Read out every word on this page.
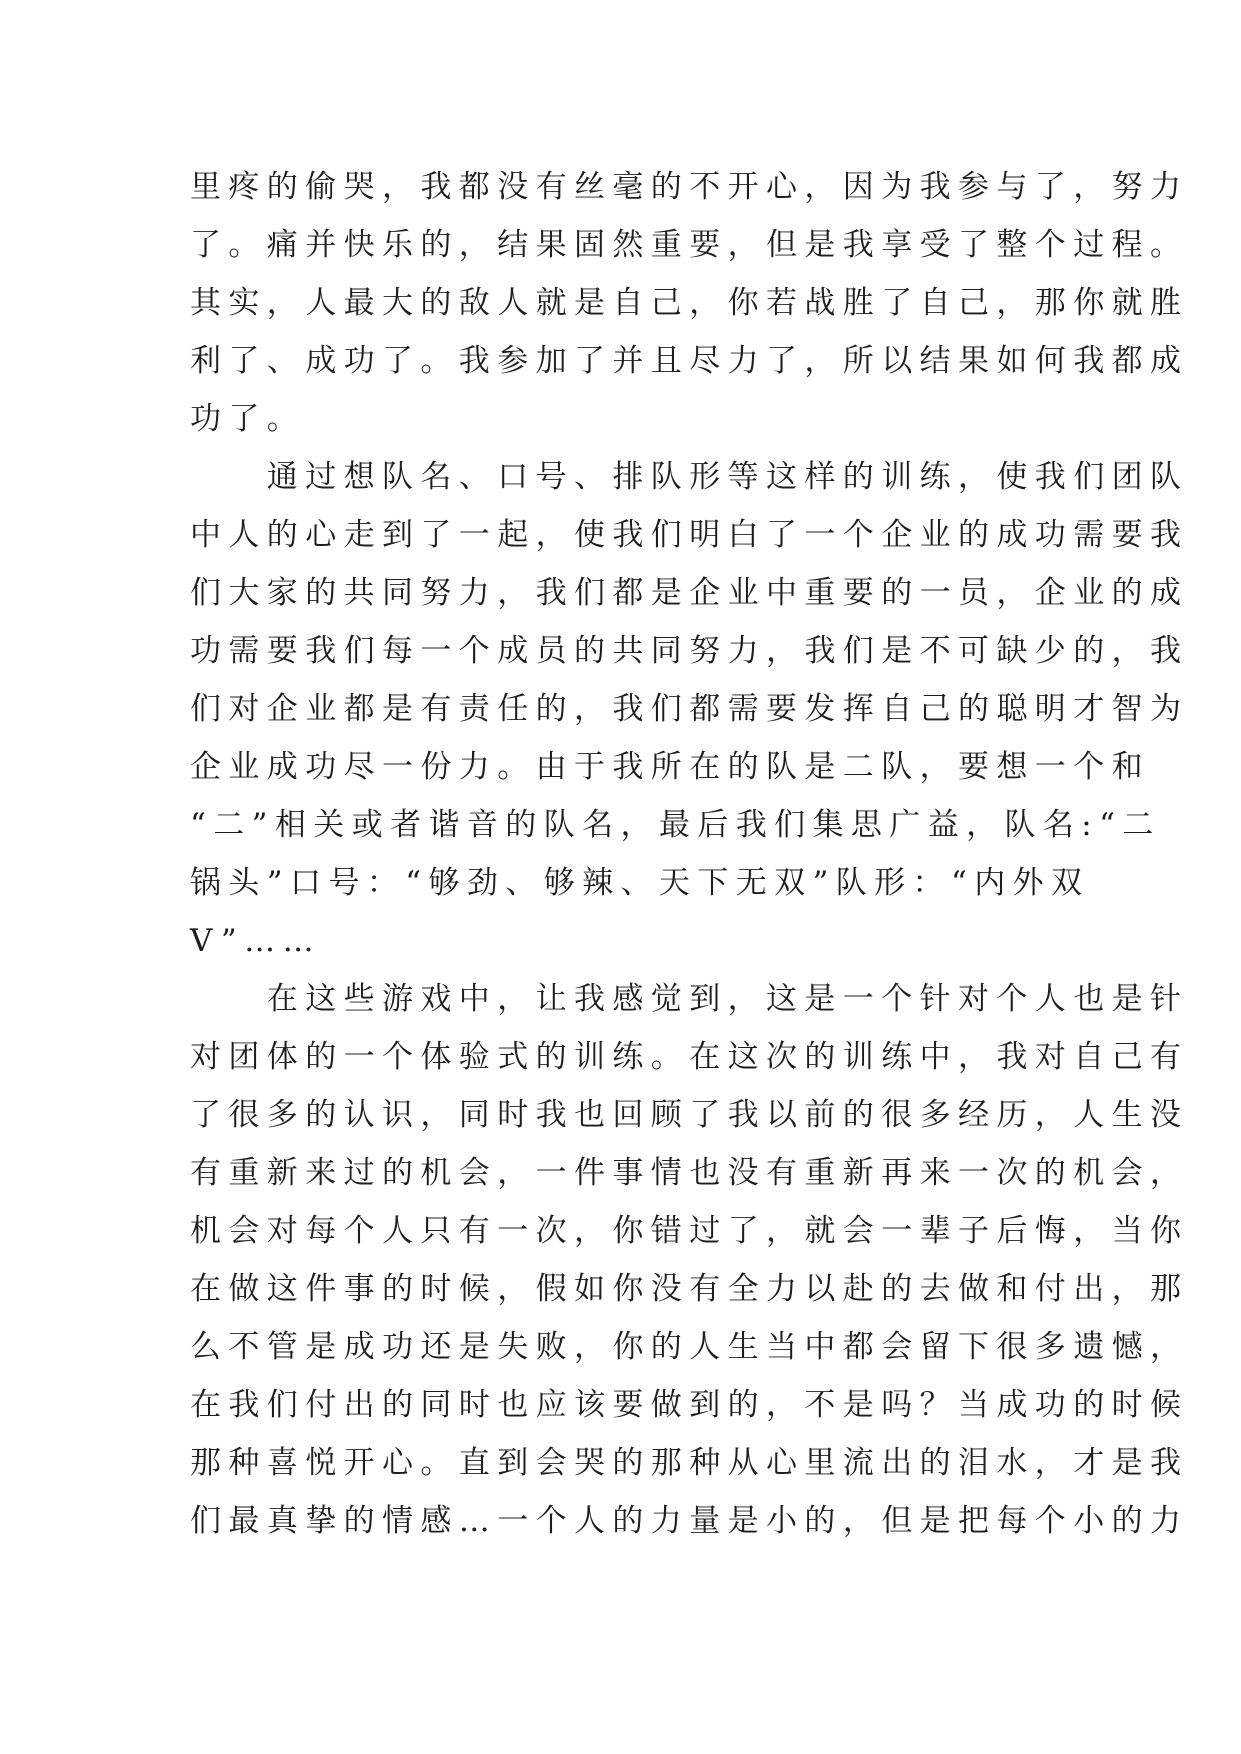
里疼的偷哭，我都没有丝毫的不开心，因为我参与了，努力
了。痛并快乐的，结果固然重要，但是我享受了整个过程。
其实，人最大的敌人就是自己，你若战胜了自己，那你就胜
利了、成功了。我参加了并且尽力了，所以结果如何我都成
功了。
　　通过想队名、口号、排队形等这样的训练，使我们团队
中人的心走到了一起，使我们明白了一个企业的成功需要我
们大家的共同努力，我们都是企业中重要的一员，企业的成
功需要我们每一个成员的共同努力，我们是不可缺少的，我
们对企业都是有责任的，我们都需要发挥自己的聪明才智为
企业成功尽一份力。由于我所在的队是二队，要想一个和
“二”相关或者谐音的队名，最后我们集思广益，队名:“二
锅头”口号：“够劲、够辣、天下无双”队形：“内外双
V”……
　　在这些游戏中，让我感觉到，这是一个针对个人也是针
对团体的一个体验式的训练。在这次的训练中，我对自己有
了很多的认识，同时我也回顾了我以前的很多经历，人生没
有重新来过的机会，一件事情也没有重新再来一次的机会，
机会对每个人只有一次，你错过了，就会一辈子后悔，当你
在做这件事的时候，假如你没有全力以赴的去做和付出，那
么不管是成功还是失败，你的人生当中都会留下很多遗憾，
在我们付出的同时也应该要做到的，不是吗？当成功的时候
那种喜悦开心。直到会哭的那种从心里流出的泪水，才是我
们最真挚的情感…一个人的力量是小的，但是把每个小的力
